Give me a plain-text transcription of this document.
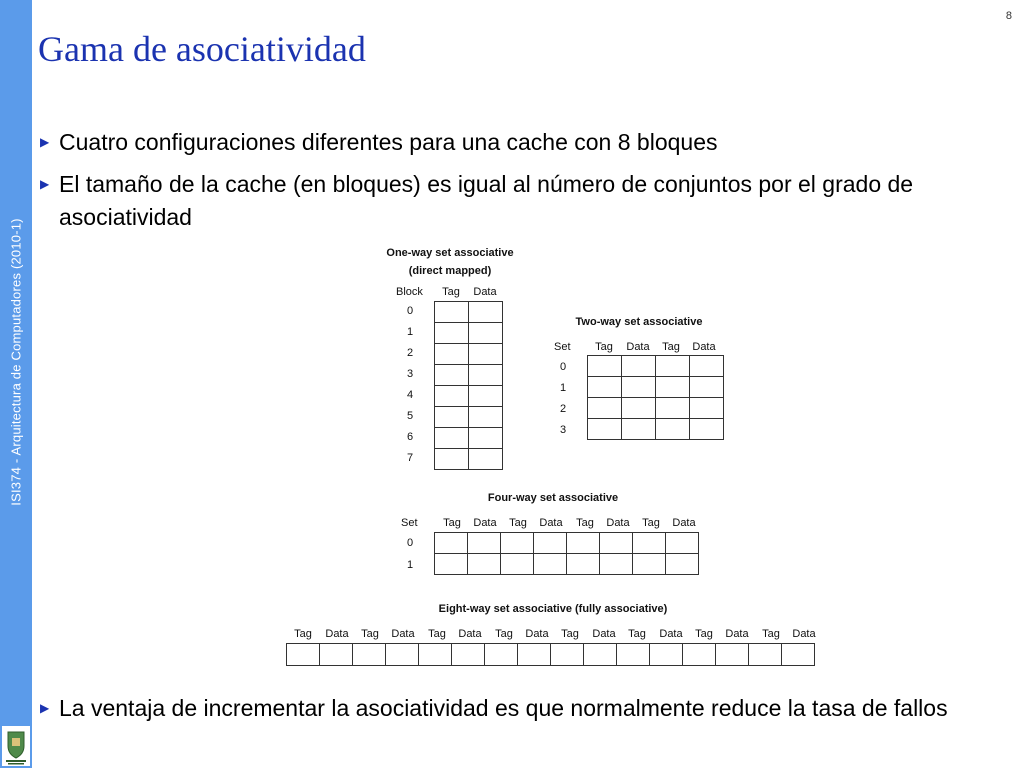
ISI374 - Arquitectura de Computadores (2010-1)
8
Gama de asociatividad
▶ Cuatro configuraciones diferentes para una cache con 8 bloques
▶ El tamaño de la cache (en bloques) es igual al número de conjuntos por el grado de asociatividad
▶ La ventaja de incrementar la asociatividad es que normalmente reduce la tasa de fallos
One-way set associative
(direct mapped)
Block	Tag	Data
0
1
2
3
4
5
6
7

Two-way set associative
Set	Tag	Data	Tag	Data
0
1
2
3

Four-way set associative
Set	Tag	Data	Tag	Data	Tag	Data	Tag	Data
0
1

Eight-way set associative (fully associative)
Tag	Data	Tag	Data	Tag	Data	Tag	Data	Tag	Data	Tag	Data	Tag	Data	Tag	Data
